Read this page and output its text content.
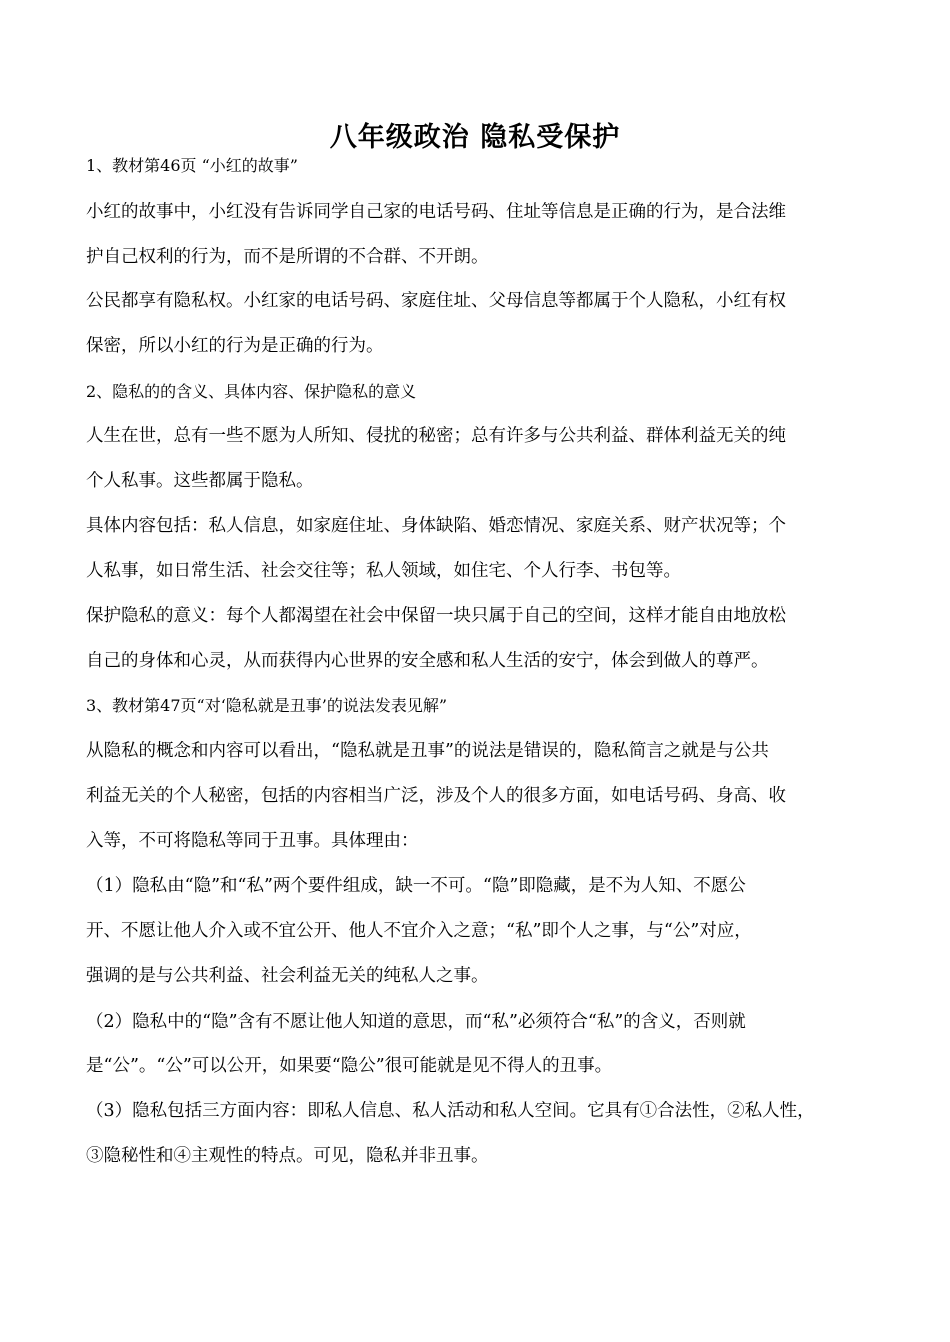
八年级政治 隐私受保护
1、教材第46页 “小红的故事”
小红的故事中，小红没有告诉同学自己家的电话号码、住址等信息是正确的行为，是合法维
护自己权利的行为，而不是所谓的不合群、不开朗。
公民都享有隐私权。小红家的电话号码、家庭住址、父母信息等都属于个人隐私，小红有权
保密，所以小红的行为是正确的行为。
2、隐私的的含义、具体内容、保护隐私的意义
人生在世，总有一些不愿为人所知、侵扰的秘密；总有许多与公共利益、群体利益无关的纯
个人私事。这些都属于隐私。
具体内容包括：私人信息，如家庭住址、身体缺陷、婚恋情况、家庭关系、财产状况等；个
人私事，如日常生活、社会交往等；私人领域，如住宅、个人行李、书包等。
保护隐私的意义：每个人都渴望在社会中保留一块只属于自己的空间，这样才能自由地放松
自己的身体和心灵，从而获得内心世界的安全感和私人生活的安宁，体会到做人的尊严。
3、教材第47页“对‘隐私就是丑事’的说法发表见解”
从隐私的概念和内容可以看出，“隐私就是丑事”的说法是错误的，隐私简言之就是与公共
利益无关的个人秘密，包括的内容相当广泛，涉及个人的很多方面，如电话号码、身高、收
入等，不可将隐私等同于丑事。具体理由：
（1）隐私由“隐”和“私”两个要件组成，缺一不可。“隐”即隐藏，是不为人知、不愿公
开、不愿让他人介入或不宜公开、他人不宜介入之意；“私”即个人之事，与“公”对应，
强调的是与公共利益、社会利益无关的纯私人之事。
（2）隐私中的“隐”含有不愿让他人知道的意思，而“私”必须符合“私”的含义，否则就
是“公”。“公”可以公开，如果要“隐公”很可能就是见不得人的丑事。
（3）隐私包括三方面内容：即私人信息、私人活动和私人空间。它具有①合法性，②私人性，
③隐秘性和④主观性的特点。可见，隐私并非丑事。
